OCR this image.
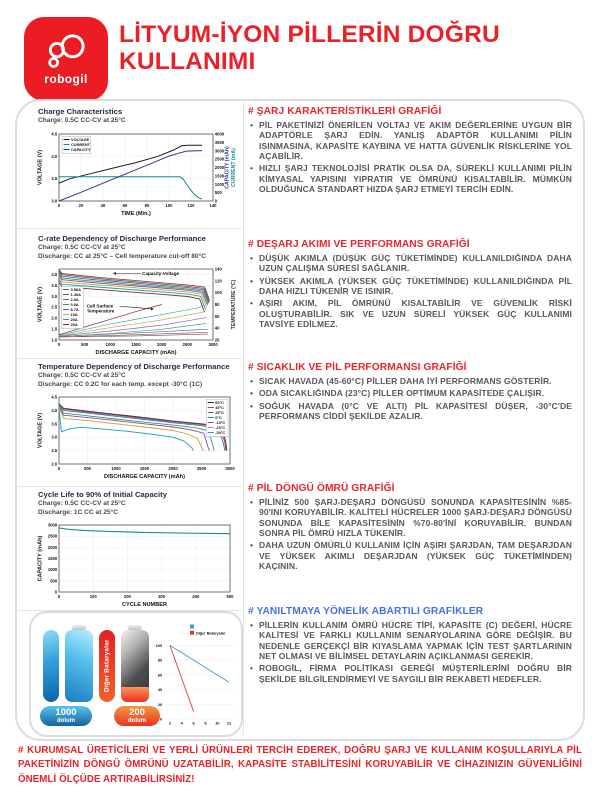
robogil
LİTYUM-İYON PİLLERİN DOĞRU KULLANIMI
Charge Characteristics
Charge: 0.5C CC-CV at 25°C
0	20	40	60	80	100	120	140
3.0
3.5
4.0
4.5
0
500
1000
1500
2000
2500
3000
3500
4000
TIME (Min.)
VOLTAGE (V)	CAPACITY (mAh) CURRENT (mA)
VOLTAGE
CURRENT
CAPACITY
C-rate Dependency of Discharge Performance
Charge: 0.5C CC-CV at 25°C
Discharge: CC at 25°C – Cell temperature cut-off 80°C
0	500	1000	1500	2000	2500	3000
1.0
1.5
2.0
2.5
3.0
3.5
4.0
20
40
60
80
100
120
140
DISCHARGE CAPACITY (mAh)
VOLTAGE (V)	TEMPERATURE (°C)
0.58A
1.45A
2.9A
5.8A
8.7A
15A
20A
25A
Capacity-Voltage
Cell Surface
Temperature
Temperature Dependency of Discharge Performance
Charge: 0.5C CC-CV at 25°C
Discharge: CC 0.2C for each temp. except -30°C (1C)
0	500	1000	1500	2000	2500	3000
2.0
2.5
3.0
3.5
4.0
4.5
DISCHARGE CAPACITY (mAh)
VOLTAGE (V)
60°C
45°C
25°C
0°C
-10°C
-20°C
-30°C
Cycle Life to 90% of Initial Capacity
Charge: 0.5C CC-CV at 25°C
Discharge: 1C CC at 25°C
0	100	200	300	400	500
0
500
1000
1500
2000
2500
3000
CYCLE NUMBER
CAPACITY (mAh)
Diğer Bataryalar
1000
dolum
200
dolum	2 4 6 8 10 12
0
20
40
60
80
100
Diğer Bataryalar
# ŞARJ KARAKTERİSTİKLERİ GRAFİĞİ
• PİL PAKETİNİZİ ÖNERİLEN VOLTAJ VE AKIM DEĞERLERİNE UYGUN BİR ADAPTÖRLE ŞARJ EDİN. YANLIŞ ADAPTÖR KULLANIMI PİLİN ISINMASINA, KAPASİTE KAYBINA VE HATTA GÜVENLİK RİSKLERİNE YOL AÇABİLİR.
• HIZLI ŞARJ TEKNOLOJİSİ PRATİK OLSA DA, SÜREKLİ KULLANIMI PİLİN KİMYASAL YAPISINI YIPRATIR VE ÖMRÜNÜ KISALTABİLİR. MÜMKÜN OLDUĞUNCA STANDART HIZDA ŞARJ ETMEYİ TERCİH EDİN.
# DEŞARJ AKIMI VE PERFORMANS GRAFİĞİ
• DÜŞÜK AKIMLA (DÜŞÜK GÜÇ TÜKETİMİNDE) KULLANILDIĞINDA DAHA UZUN ÇALIŞMA SÜRESİ SAĞLANIR.
• YÜKSEK AKIMLA (YÜKSEK GÜÇ TÜKETİMİNDE) KULLANILDIĞINDA PİL DAHA HIZLI TÜKENİR VE ISINIR.
• AŞIRI AKIM, PİL ÖMRÜNÜ KISALTABİLİR VE GÜVENLİK RİSKİ OLUŞTURABİLİR. SIK VE UZUN SÜRELİ YÜKSEK GÜÇ KULLANIMI TAVSİYE EDİLMEZ.
# SICAKLIK VE PİL PERFORMANSI GRAFİĞİ
• SICAK HAVADA (45-60°C) PİLLER DAHA İYİ PERFORMANS GÖSTERİR.
• ODA SICAKLIĞINDA (23°C) PİLLER OPTİMUM KAPASİTEDE ÇALIŞIR.
• SOĞUK HAVADA (0°C VE ALTI) PİL KAPASİTESİ DÜŞER, -30°C'DE PERFORMANS CİDDİ ŞEKİLDE AZALIR.
# PİL DÖNGÜ ÖMRÜ GRAFİĞİ
• PİLİNİZ 500 ŞARJ-DEŞARJ DÖNGÜSÜ SONUNDA KAPASİTESİNİN %85-90'INI KORUYABİLİR. KALİTELİ HÜCRELER 1000 ŞARJ-DEŞARJ DÖNGÜSÜ SONUNDA BİLE KAPASİTESİNİN %70-80'İNİ KORUYABİLİR. BUNDAN SONRA PİL ÖMRÜ HIZLA TÜKENİR.
• DAHA UZUN ÖMÜRLÜ KULLANIM İÇİN AŞIRI ŞARJDAN, TAM DEŞARJDAN VE YÜKSEK AKIMLI DEŞARJDAN (YÜKSEK GÜÇ TÜKETİMİNDEN) KAÇININ.
# YANILTMAYA YÖNELİK ABARTILI GRAFİKLER
• PİLLERİN KULLANIM ÖMRÜ HÜCRE TİPİ, KAPASİTE (C) DEĞERİ, HÜCRE KALİTESİ VE FARKLI KULLANIM SENARYOLARINA GÖRE DEĞİŞİR. BU NEDENLE GERÇEKÇİ BİR KIYASLAMA YAPMAK İÇİN TEST ŞARTLARININ NET OLMASI VE BİLİMSEL DETAYLARIN AÇIKLANMASI GEREKİR.
• ROBOGİL, FİRMA POLİTİKASI GEREĞİ MÜŞTERİLERİNİ DOĞRU BİR ŞEKİLDE BİLGİLENDİRMEYİ VE SAYGILI BİR REKABETİ HEDEFLER.

# KURUMSAL ÜRETİCİLERİ VE YERLİ ÜRÜNLERİ TERCİH EDEREK, DOĞRU ŞARJ VE KULLANIM KOŞULLARIYLA PİL PAKETİNİZİN DÖNGÜ ÖMRÜNÜ UZATABİLİR, KAPASİTE STABİLİTESİNİ KORUYABİLİR VE CİHAZINIZIN GÜVENLİĞİNİ ÖNEMLİ ÖLÇÜDE ARTIRABİLİRSİNİZ!
